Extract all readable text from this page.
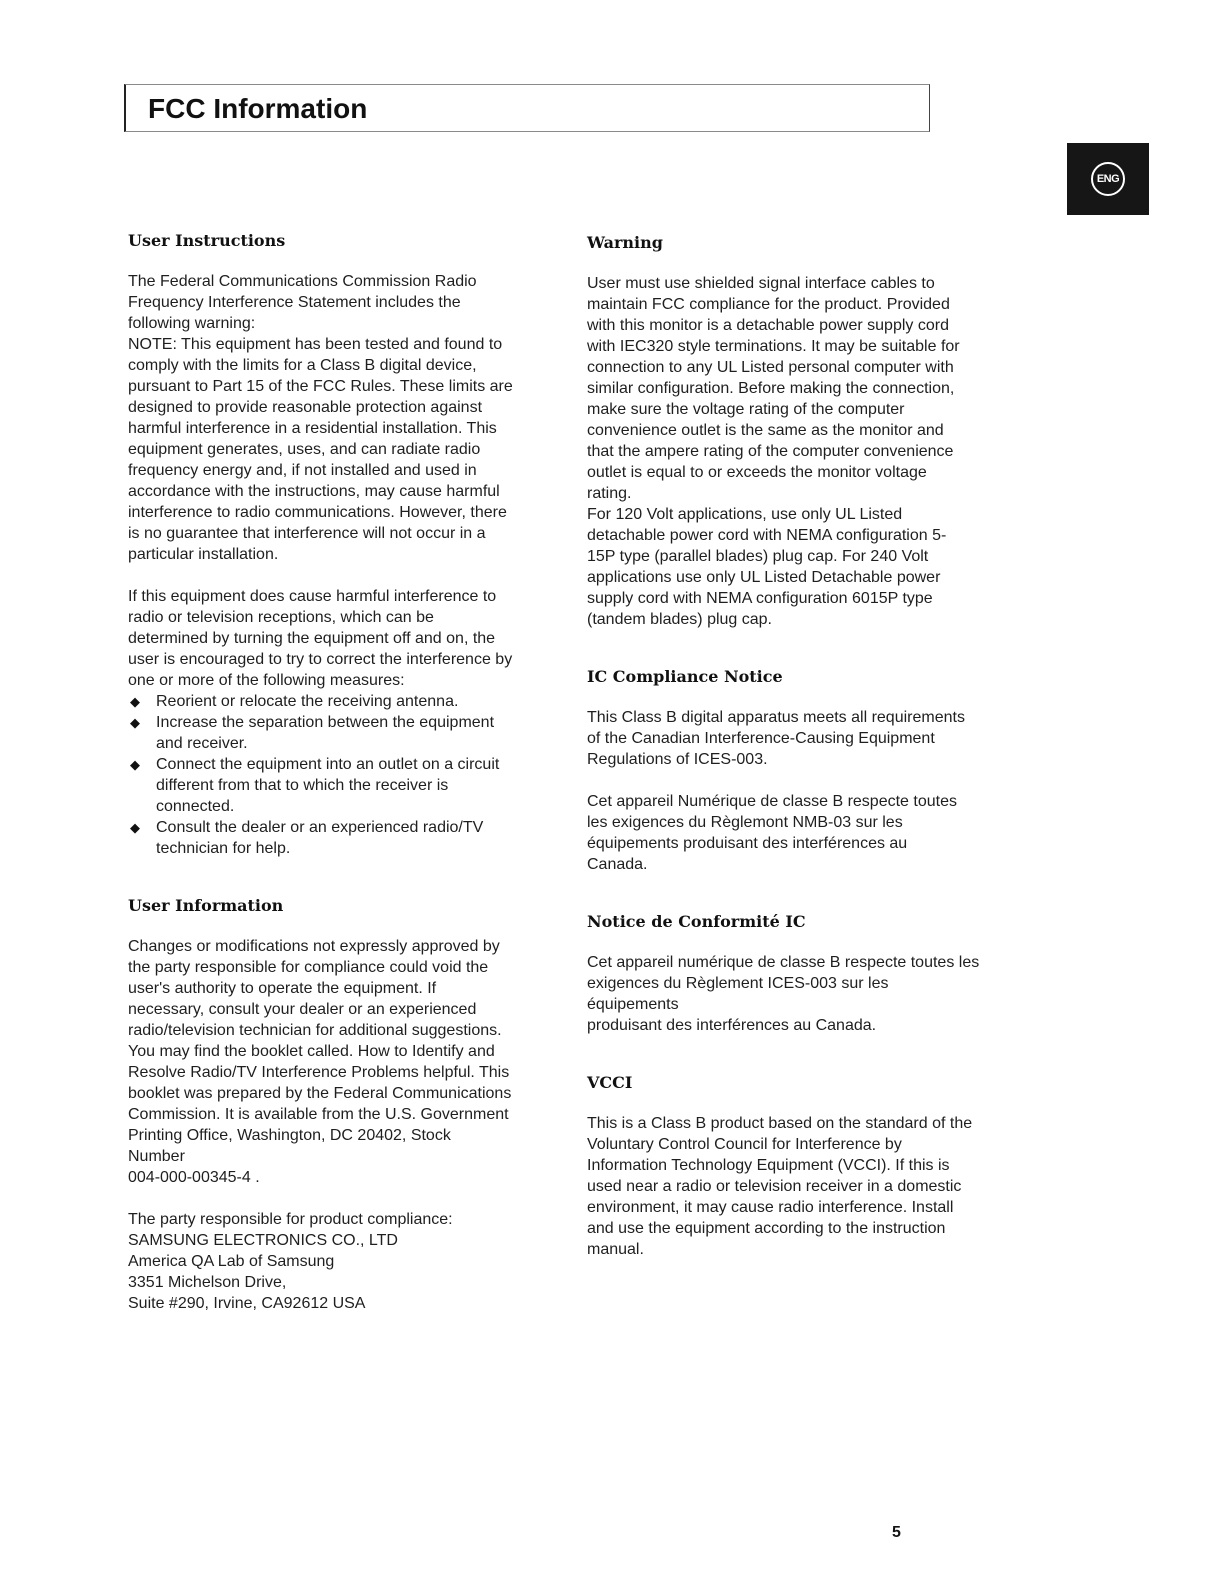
FCC Information
ENG
User Instructions
The Federal Communications Commission Radio
Frequency Interference Statement includes the
following warning:
NOTE: This equipment has been tested and found to
comply with the limits for a Class B digital device,
pursuant to Part 15 of the FCC Rules. These limits are
designed to provide reasonable protection against
harmful interference in a residential installation. This
equipment generates, uses, and can radiate radio
frequency energy and, if not installed and used in
accordance with the instructions, may cause harmful
interference to radio communications. However, there
is no guarantee that interference will not occur in a
particular installation.
If this equipment does cause harmful interference to
radio or television receptions, which can be
determined by turning the equipment off and on, the
user is encouraged to try to correct the interference by
one or more of the following measures:
◆ Reorient or relocate the receiving antenna.
◆ Increase the separation between the equipment
and receiver.
◆ Connect the equipment into an outlet on a circuit
different from that to which the receiver is
connected.
◆ Consult the dealer or an experienced radio/TV
technician for help.
User Information
Changes or modifications not expressly approved by
the party responsible for compliance could void the
user's authority to operate the equipment. If
necessary, consult your dealer or an experienced
radio/television technician for additional suggestions.
You may find the booklet called. How to Identify and
Resolve Radio/TV Interference Problems helpful. This
booklet was prepared by the Federal Communications
Commission. It is available from the U.S. Government
Printing Office, Washington, DC 20402, Stock
Number
004-000-00345-4 .
The party responsible for product compliance:
SAMSUNG ELECTRONICS CO., LTD
America QA Lab of Samsung
3351 Michelson Drive,
Suite #290, Irvine, CA92612 USA
Warning
User must use shielded signal interface cables to
maintain FCC compliance for the product. Provided
with this monitor is a detachable power supply cord
with IEC320 style terminations. It may be suitable for
connection to any UL Listed personal computer with
similar configuration. Before making the connection,
make sure the voltage rating of the computer
convenience outlet is the same as the monitor and
that the ampere rating of the computer convenience
outlet is equal to or exceeds the monitor voltage
rating.
For 120 Volt applications, use only UL Listed
detachable power cord with NEMA configuration 5-
15P type (parallel blades) plug cap. For 240 Volt
applications use only UL Listed Detachable power
supply cord with NEMA configuration 6015P type
(tandem blades) plug cap.
IC Compliance Notice
This Class B digital apparatus meets all requirements
of the Canadian Interference-Causing Equipment
Regulations of ICES-003.
Cet appareil Numérique de classe B respecte toutes
les exigences du Règlemont NMB-03 sur les
équipements produisant des interférences au
Canada.
Notice de Conformité IC
Cet appareil numérique de classe B respecte toutes les
exigences du Règlement ICES-003 sur les équipements
produisant des interférences au Canada.
VCCI
This is a Class B product based on the standard of the
Voluntary Control Council for Interference by
Information Technology Equipment (VCCI). If this is
used near a radio or television receiver in a domestic
environment, it may cause radio interference. Install
and use the equipment according to the instruction
manual.
5
